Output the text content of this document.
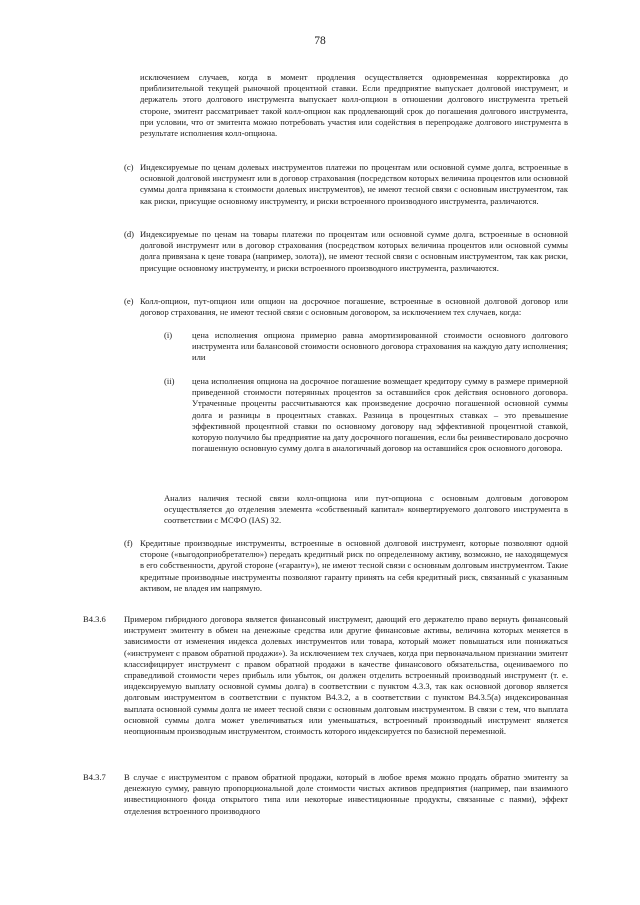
78

исключением случаев, когда в момент продления осуществляется одновременная корректировка до приблизительной текущей рыночной процентной ставки. Если предприятие выпускает долговой инструмент, и держатель этого долгового инструмента выпускает колл-опцион в отношении долгового инструмента третьей стороне, эмитент рассматривает такой колл-опцион как продлевающий срок до погашения долгового инструмента, при условии, что от эмитента можно потребовать участия или содействия в перепродаже долгового инструмента в результате исполнения колл-опциона.

(c) Индексируемые по ценам долевых инструментов платежи по процентам или основной сумме долга, встроенные в основной долговой инструмент или в договор страхования (посредством которых величина процентов или основной суммы долга привязана к стоимости долевых инструментов), не имеют тесной связи с основным инструментом, так как риски, присущие основному инструменту, и риски встроенного производного инструмента, различаются.

(d) Индексируемые по ценам на товары платежи по процентам или основной сумме долга, встроенные в основной долговой инструмент или в договор страхования (посредством которых величина процентов или основной суммы долга привязана к цене товара (например, золота)), не имеют тесной связи с основным инструментом, так как риски, присущие основному инструменту, и риски встроенного производного инструмента, различаются.

(e) Колл-опцион, пут-опцион или опцион на досрочное погашение, встроенные в основной долговой договор или договор страхования, не имеют тесной связи с основным договором, за исключением тех случаев, когда:

(i) цена исполнения опциона примерно равна амортизированной стоимости основного долгового инструмента или балансовой стоимости основного договора страхования на каждую дату исполнения; или

(ii) цена исполнения опциона на досрочное погашение возмещает кредитору сумму в размере примерной приведенной стоимости потерянных процентов за оставшийся срок действия основного договора. Утраченные проценты рассчитываются как произведение досрочно погашенной основной суммы долга и разницы в процентных ставках. Разница в процентных ставках – это превышение эффективной процентной ставки по основному договору над эффективной процентной ставкой, которую получило бы предприятие на дату досрочного погашения, если бы реинвестировало досрочно погашенную основную сумму долга в аналогичный договор на оставшийся срок основного договора.

Анализ наличия тесной связи колл-опциона или пут-опциона с основным долговым договором осуществляется до отделения элемента «собственный капитал» конвертируемого долгового инструмента в соответствии с МСФО (IAS) 32.

(f) Кредитные производные инструменты, встроенные в основной долговой инструмент, которые позволяют одной стороне («выгодоприобретателю») передать кредитный риск по определенному активу, возможно, не находящемуся в его собственности, другой стороне («гаранту»), не имеют тесной связи с основным долговым инструментом. Такие кредитные производные инструменты позволяют гаранту принять на себя кредитный риск, связанный с указанным активом, не владея им напрямую.

B4.3.6 Примером гибридного договора является финансовый инструмент, дающий его держателю право вернуть финансовый инструмент эмитенту в обмен на денежные средства или другие финансовые активы, величина которых меняется в зависимости от изменения индекса долевых инструментов или товара, который может повышаться или понижаться («инструмент с правом обратной продажи»). За исключением тех случаев, когда при первоначальном признании эмитент классифицирует инструмент с правом обратной продажи в качестве финансового обязательства, оцениваемого по справедливой стоимости через прибыль или убыток, он должен отделить встроенный производный инструмент (т. е. индексируемую выплату основной суммы долга) в соответствии с пунктом 4.3.3, так как основной договор является долговым инструментом в соответствии с пунктом B4.3.2, а в соответствии с пунктом B4.3.5(a) индексированная выплата основной суммы долга не имеет тесной связи с основным долговым инструментом. В связи с тем, что выплата основной суммы долга может увеличиваться или уменьшаться, встроенный производный инструмент является неопционным производным инструментом, стоимость которого индексируется по базисной переменной.

B4.3.7 В случае с инструментом с правом обратной продажи, который в любое время можно продать обратно эмитенту за денежную сумму, равную пропорциональной доле стоимости чистых активов предприятия (например, паи взаимного инвестиционного фонда открытого типа или некоторые инвестиционные продукты, связанные с паями), эффект отделения встроенного производного
